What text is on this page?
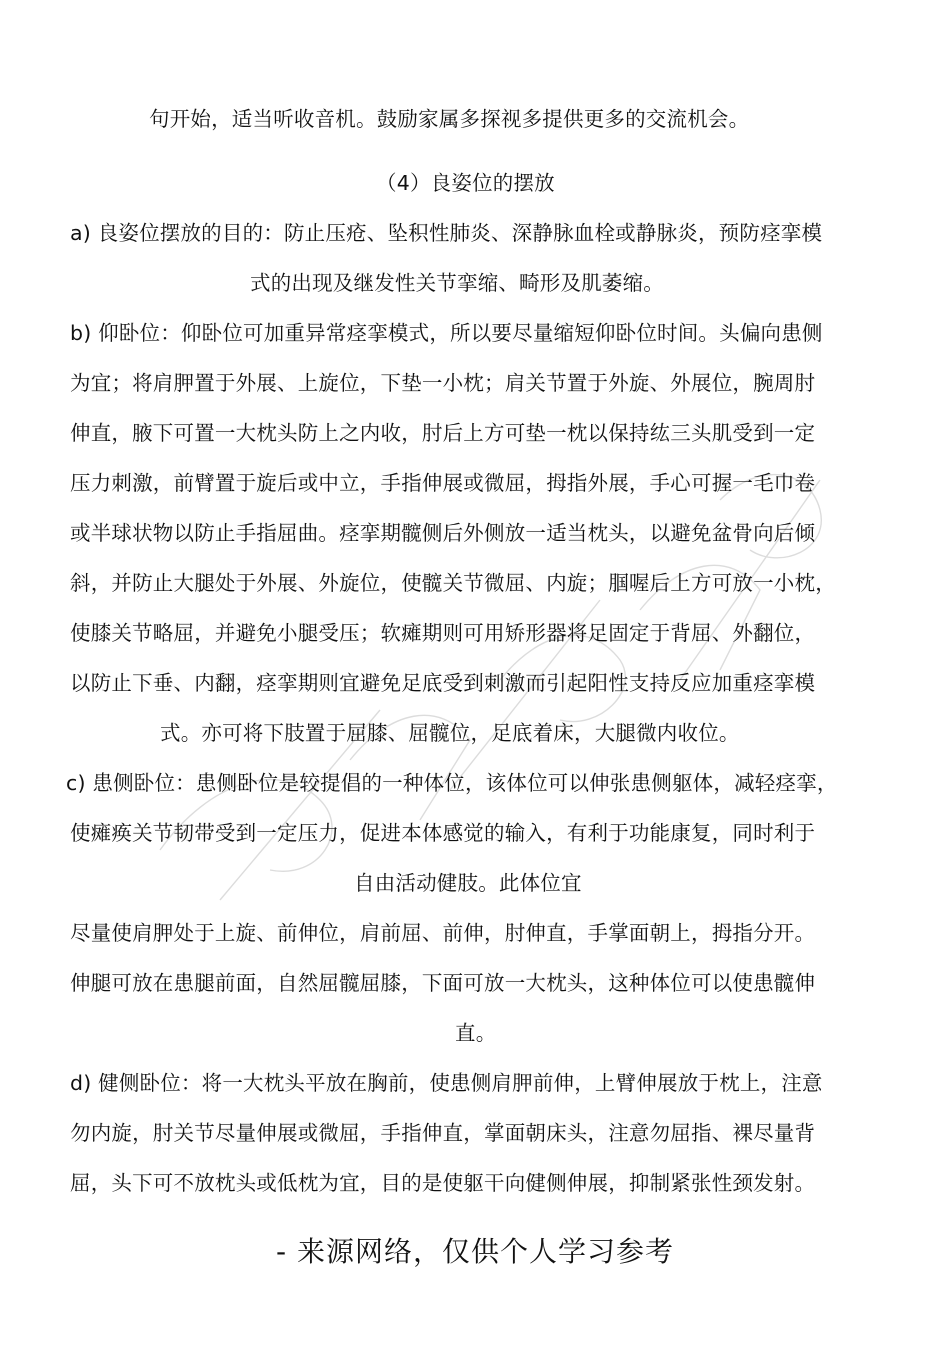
句开始，适当听收音机。鼓励家属多探视多提供更多的交流机会。
（4）良姿位的摆放
a) 良姿位摆放的目的：防止压疮、坠积性肺炎、深静脉血栓或静脉炎，预防痉挛模
式的出现及继发性关节挛缩、畸形及肌萎缩。
b) 仰卧位：仰卧位可加重异常痉挛模式，所以要尽量缩短仰卧位时间。头偏向患侧
为宜；将肩胛置于外展、上旋位，下垫一小枕；肩关节置于外旋、外展位，腕周肘
伸直，腋下可置一大枕头防上之内收，肘后上方可垫一枕以保持纮三头肌受到一定
压力刺激，前臂置于旋后或中立，手指伸展或微屈，拇指外展，手心可握一毛巾卷
或半球状物以防止手指屈曲。痉挛期髋侧后外侧放一适当枕头，以避免盆骨向后倾
斜，并防止大腿处于外展、外旋位，使髋关节微屈、内旋；腘喔后上方可放一小枕，
使膝关节略屈，并避免小腿受压；软瘫期则可用矫形器将足固定于背屈、外翻位，
以防止下垂、内翻，痉挛期则宜避免足底受到刺激而引起阳性支持反应加重痉挛模
式。亦可将下肢置于屈膝、屈髋位，足底着床，大腿微内收位。
c) 患侧卧位：患侧卧位是较提倡的一种体位，该体位可以伸张患侧躯体，减轻痉挛，
使瘫痪关节韧带受到一定压力，促进本体感觉的输入，有利于功能康复，同时利于
自由活动健肢。此体位宜
尽量使肩胛处于上旋、前伸位，肩前屈、前伸，肘伸直，手掌面朝上，拇指分开。
伸腿可放在患腿前面，自然屈髋屈膝，下面可放一大枕头，这种体位可以使患髋伸
直。
d) 健侧卧位：将一大枕头平放在胸前，使患侧肩胛前伸，上臂伸展放于枕上，注意
勿内旋，肘关节尽量伸展或微屈，手指伸直，掌面朝床头，注意勿屈指、裸尽量背
屈，头下可不放枕头或低枕为宜，目的是使躯干向健侧伸展，抑制紧张性颈发射。
- 来源网络，仅供个人学习参考
